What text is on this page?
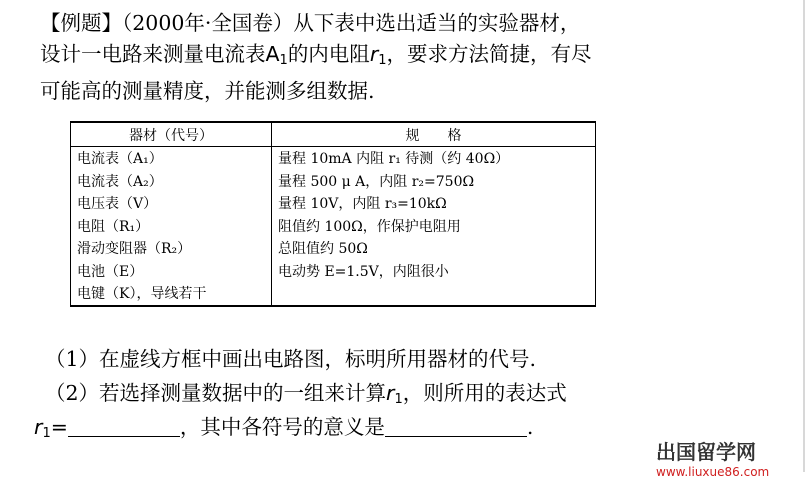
【例题】（2000年·全国卷）从下表中选出适当的实验器材，
设计一电路来测量电流表$A_1$的内电阻$r_1$，要求方法简捷，有尽
可能高的测量精度，并能测多组数据.
器材（代号）	规　　格
电流表（A₁）	量程 10mA 内阻 r₁ 待测（约 40Ω）
电流表（A₂）	量程 500 μ A，内阻 r₂=750Ω
电压表（V）	量程 10V，内阻 r₃=10kΩ
电阻（R₁）	阻值约 100Ω，作保护电阻用
滑动变阻器（R₂）	总阻值约 50Ω
电池（E）	电动势 E=1.5V，内阻很小
电键（K），导线若干	
（1）在虚线方框中画出电路图，标明所用器材的代号.
（2）若选择测量数据中的一组来计算$r_1$，则所用的表达式
$r_1=$	，其中各符号的意义是	.
出国留学网
www.liuxue86.com
